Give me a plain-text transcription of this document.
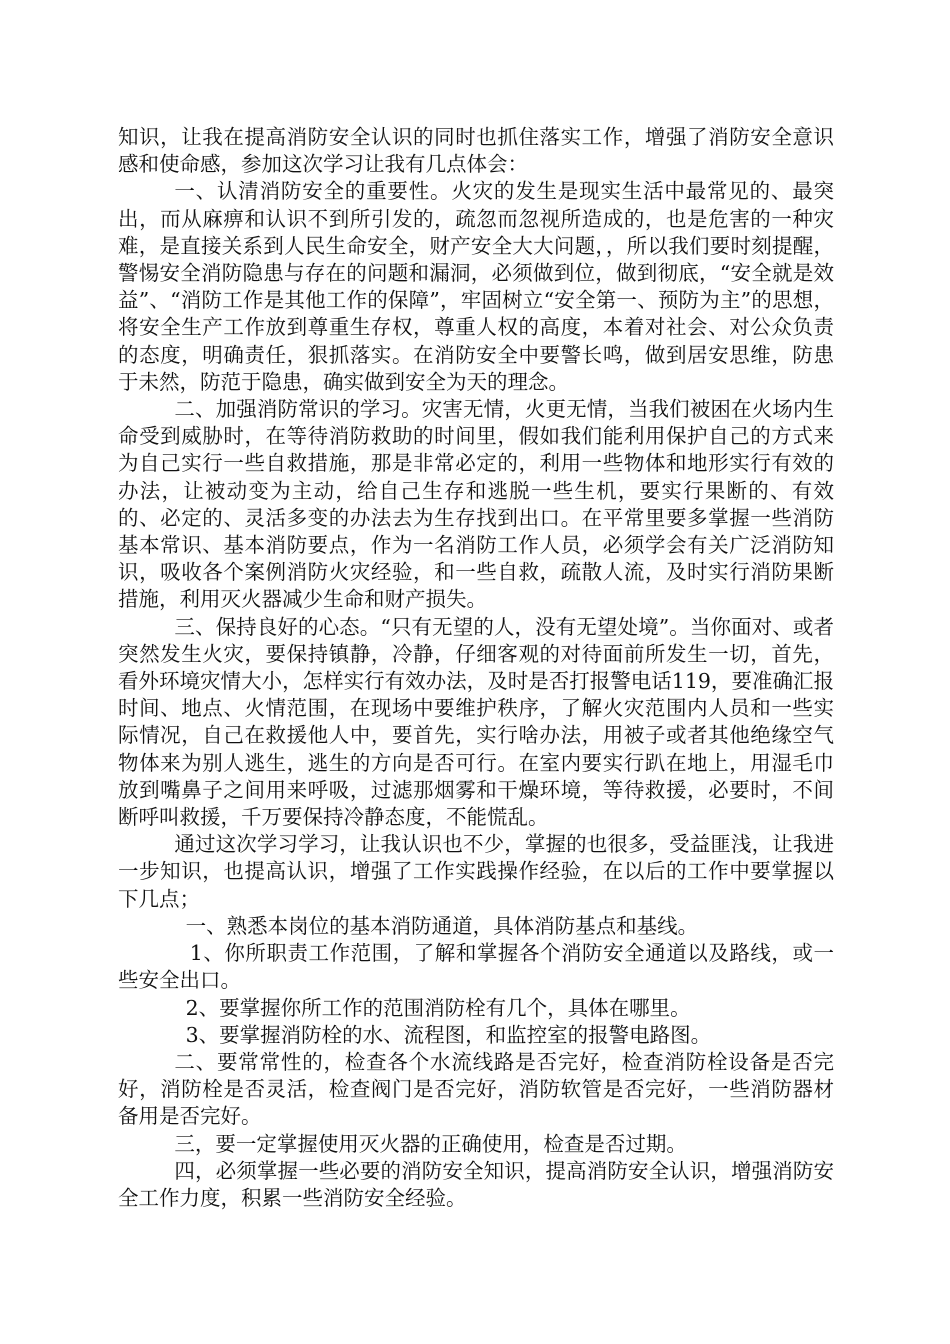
知识，让我在提高消防安全认识的同时也抓住落实工作，增强了消防安全意识感和使命感，参加这次学习让我有几点体会：

一、认清消防安全的重要性。火灾的发生是现实生活中最常见的、最突出，而从麻痹和认识不到所引发的，疏忽而忽视所造成的，也是危害的一种灾难，是直接关系到人民生命安全，财产安全大大问题，，所以我们要时刻提醒，警惕安全消防隐患与存在的问题和漏洞，必须做到位，做到彻底，“安全就是效益”、“消防工作是其他工作的保障”，牢固树立“安全第一、预防为主”的思想，将安全生产工作放到尊重生存权，尊重人权的高度，本着对社会、对公众负责的态度，明确责任，狠抓落实。在消防安全中要警长鸣，做到居安思维，防患于未然，防范于隐患，确实做到安全为天的理念。

二、加强消防常识的学习。灾害无情，火更无情，当我们被困在火场内生命受到威胁时，在等待消防救助的时间里，假如我们能利用保护自己的方式来为自己实行一些自救措施，那是非常必定的，利用一些物体和地形实行有效的办法，让被动变为主动，给自己生存和逃脱一些生机，要实行果断的、有效的、必定的、灵活多变的办法去为生存找到出口。在平常里要多掌握一些消防基本常识、基本消防要点，作为一名消防工作人员，必须学会有关广泛消防知识，吸收各个案例消防火灾经验，和一些自救，疏散人流，及时实行消防果断措施，利用灭火器减少生命和财产损失。

三、保持良好的心态。“只有无望的人，没有无望处境”。当你面对、或者突然发生火灾，要保持镇静，冷静，仔细客观的对待面前所发生一切，首先，看外环境灾情大小，怎样实行有效办法，及时是否打报警电话119，要准确汇报时间、地点、火情范围，在现场中要维护秩序，了解火灾范围内人员和一些实际情况，自己在救援他人中，要首先，实行啥办法，用被子或者其他绝缘空气物体来为别人逃生，逃生的方向是否可行。在室内要实行趴在地上，用湿毛巾放到嘴鼻子之间用来呼吸，过滤那烟雾和干燥环境，等待救援，必要时，不间断呼叫救援，千万要保持冷静态度，不能慌乱。

通过这次学习学习，让我认识也不少，掌握的也很多，受益匪浅，让我进一步知识，也提高认识，增强了工作实践操作经验，在以后的工作中要掌握以下几点；

一、熟悉本岗位的基本消防通道，具体消防基点和基线。

1、你所职责工作范围，了解和掌握各个消防安全通道以及路线，或一些安全出口。

2、要掌握你所工作的范围消防栓有几个，具体在哪里。

3、要掌握消防栓的水、流程图，和监控室的报警电路图。

二、要常常性的，检查各个水流线路是否完好，检查消防栓设备是否完好，消防栓是否灵活，检查阀门是否完好，消防软管是否完好，一些消防器材备用是否完好。

三，要一定掌握使用灭火器的正确使用，检查是否过期。

四，必须掌握一些必要的消防安全知识，提高消防安全认识，增强消防安全工作力度，积累一些消防安全经验。
